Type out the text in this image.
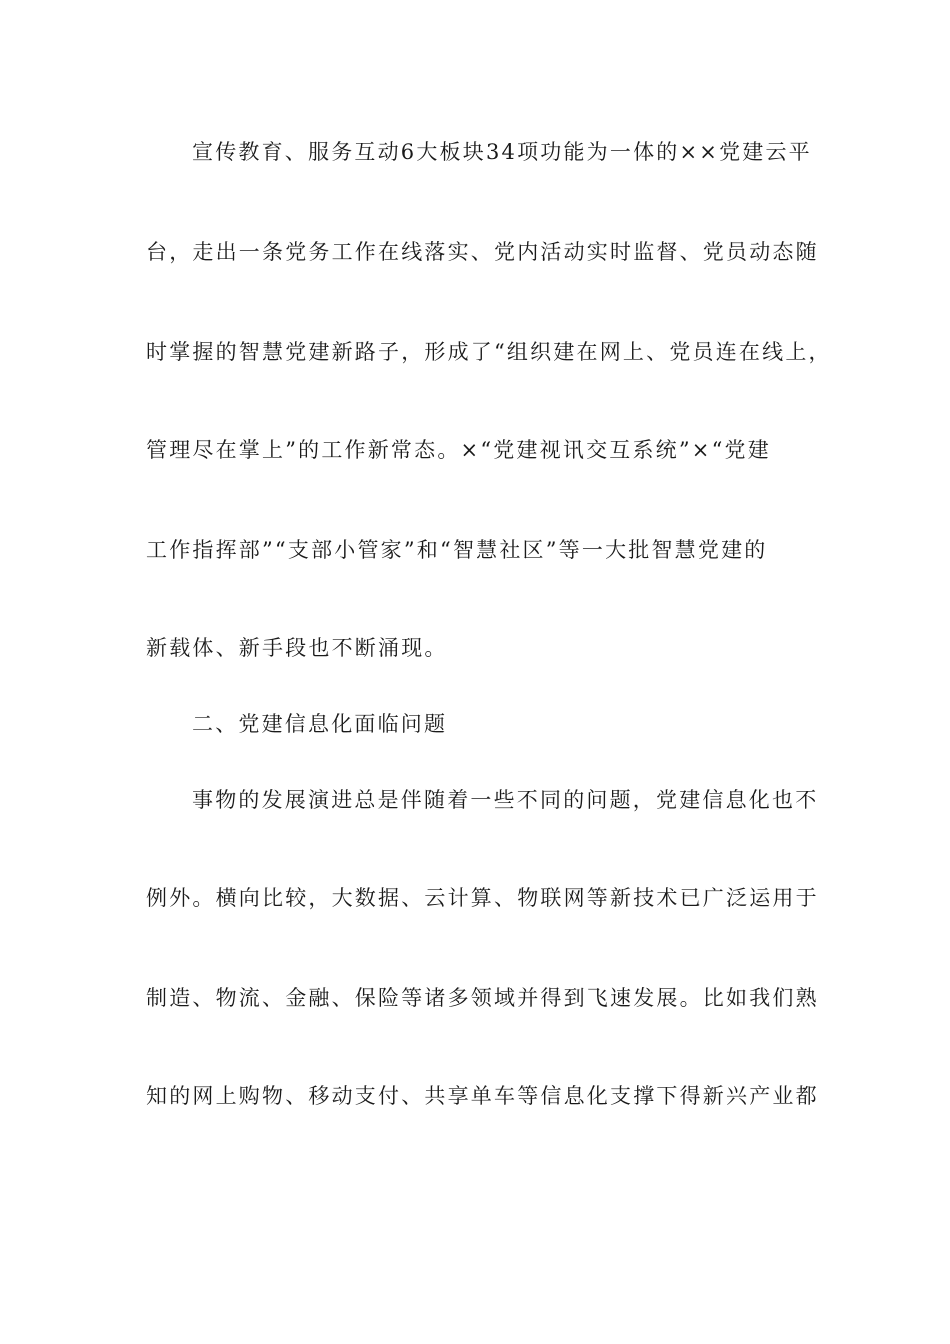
宣传教育、服务互动6大板块34项功能为一体的××党建云平
台，走出一条党务工作在线落实、党内活动实时监督、党员动态随
时掌握的智慧党建新路子，形成了“组织建在网上、党员连在线上，
管理尽在掌上”的工作新常态。×“党建视讯交互系统”×“党建
工作指挥部”“支部小管家”和“智慧社区”等一大批智慧党建的
新载体、新手段也不断涌现。
二、党建信息化面临问题
事物的发展演进总是伴随着一些不同的问题，党建信息化也不
例外。横向比较，大数据、云计算、物联网等新技术已广泛运用于
制造、物流、金融、保险等诸多领域并得到飞速发展。比如我们熟
知的网上购物、移动支付、共享单车等信息化支撑下得新兴产业都
